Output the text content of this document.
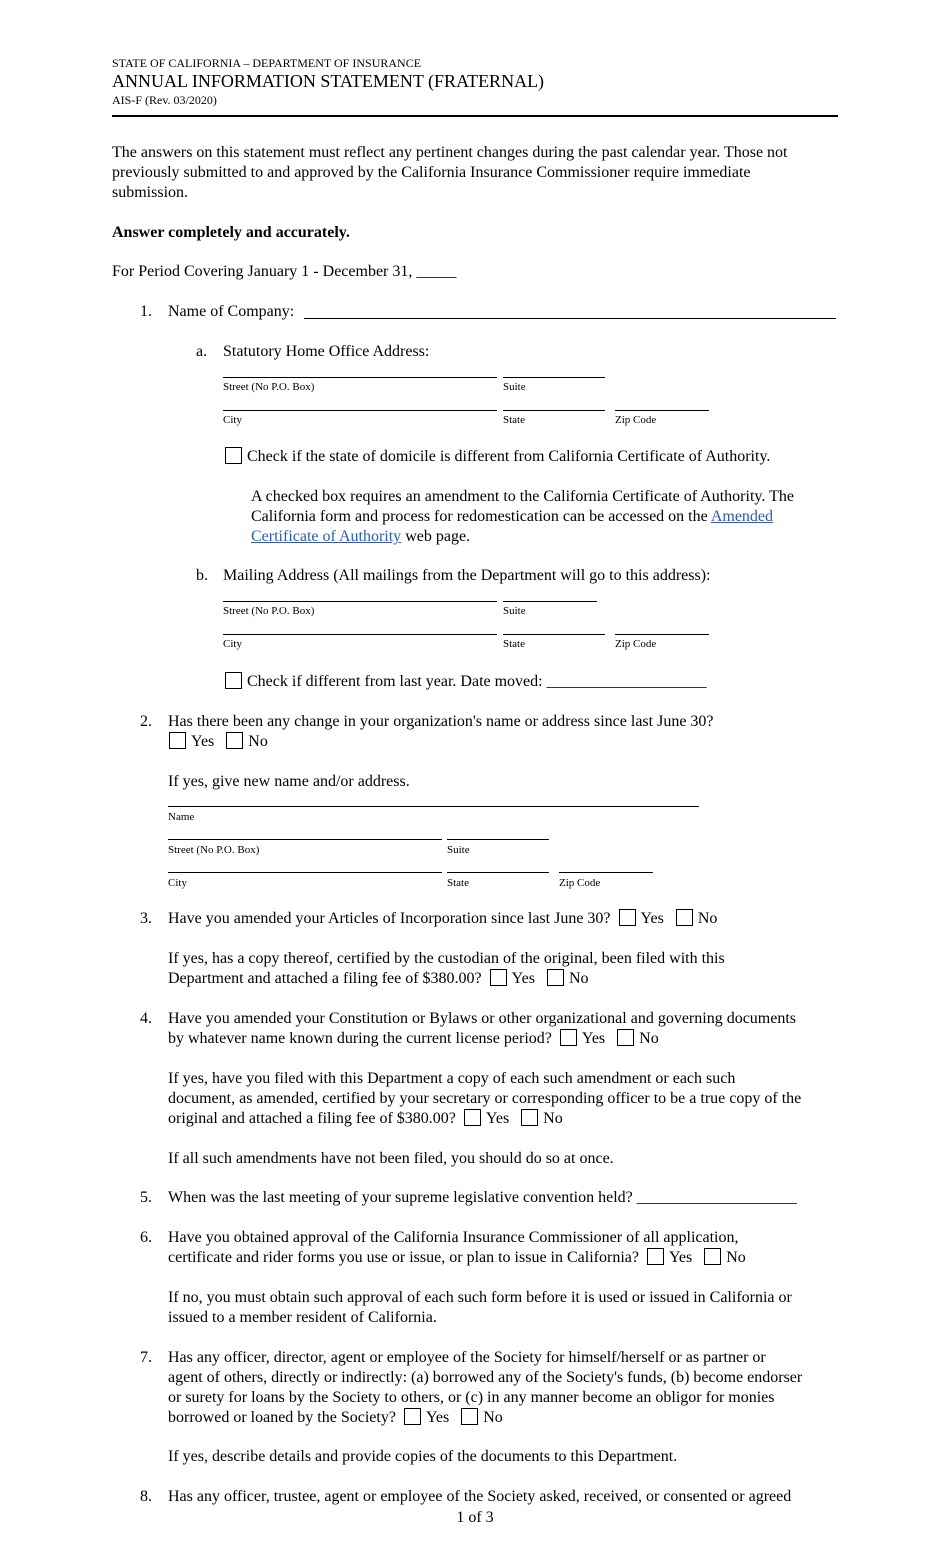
STATE OF CALIFORNIA – DEPARTMENT OF INSURANCE
ANNUAL INFORMATION STATEMENT (FRATERNAL)
AIS-F (Rev. 03/2020)
The answers on this statement must reflect any pertinent changes during the past calendar year. Those not
previously submitted to and approved by the California Insurance Commissioner require immediate
submission.
Answer completely and accurately.
For Period Covering January 1 - December 31, _____
1. Name of Company:
a. Statutory Home Office Address:
Street (No P.O. Box)	Suite
City	State	Zip Code
Check if the state of domicile is different from California Certificate of Authority.
A checked box requires an amendment to the California Certificate of Authority. The
California form and process for redomestication can be accessed on the Amended
Certificate of Authority web page.
b. Mailing Address (All mailings from the Department will go to this address):
Street (No P.O. Box)	Suite
City	State	Zip Code
Check if different from last year. Date moved: ____________________
2. Has there been any change in your organization's name or address since last June 30?
Yes No
If yes, give new name and/or address.
Name
Street (No P.O. Box)	Suite
City	State	Zip Code
3. Have you amended your Articles of Incorporation since last June 30? Yes No
If yes, has a copy thereof, certified by the custodian of the original, been filed with this
Department and attached a filing fee of $380.00? Yes No
4. Have you amended your Constitution or Bylaws or other organizational and governing documents
by whatever name known during the current license period? Yes No
If yes, have you filed with this Department a copy of each such amendment or each such
document, as amended, certified by your secretary or corresponding officer to be a true copy of the
original and attached a filing fee of $380.00? Yes No
If all such amendments have not been filed, you should do so at once.
5. When was the last meeting of your supreme legislative convention held? ____________________
6. Have you obtained approval of the California Insurance Commissioner of all application,
certificate and rider forms you use or issue, or plan to issue in California? Yes No
If no, you must obtain such approval of each such form before it is used or issued in California or
issued to a member resident of California.
7. Has any officer, director, agent or employee of the Society for himself/herself or as partner or
agent of others, directly or indirectly: (a) borrowed any of the Society's funds, (b) become endorser
or surety for loans by the Society to others, or (c) in any manner become an obligor for monies
borrowed or loaned by the Society? Yes No
If yes, describe details and provide copies of the documents to this Department.
8. Has any officer, trustee, agent or employee of the Society asked, received, or consented or agreed
1 of 3
